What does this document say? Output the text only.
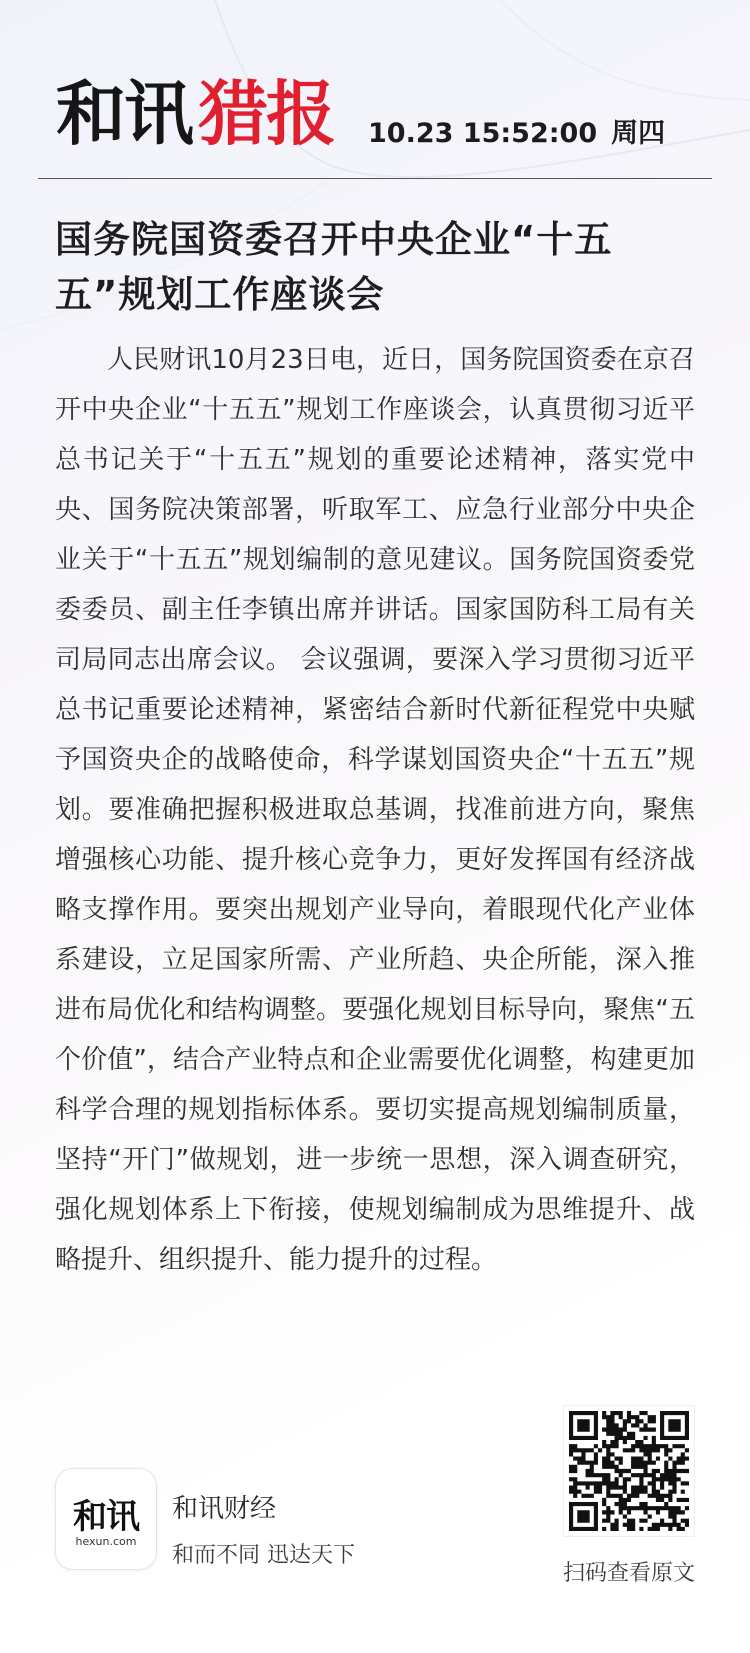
和讯猎报 10.23 15:52:00 周四
国务院国资委召开中央企业“十五五”规划工作座谈会

人民财讯10月23日电，近日，国务院国资委在京召开中央企业“十五五”规划工作座谈会，认真贯彻习近平总书记关于“十五五”规划的重要论述精神，落实党中央、国务院决策部署，听取军工、应急行业部分中央企业关于“十五五”规划编制的意见建议。国务院国资委党委委员、副主任李镇出席并讲话。国家国防科工局有关司局同志出席会议。 会议强调，要深入学习贯彻习近平总书记重要论述精神，紧密结合新时代新征程党中央赋予国资央企的战略使命，科学谋划国资央企“十五五”规划。要准确把握积极进取总基调，找准前进方向，聚焦增强核心功能、提升核心竞争力，更好发挥国有经济战略支撑作用。要突出规划产业导向，着眼现代化产业体系建设，立足国家所需、产业所趋、央企所能，深入推进布局优化和结构调整。要强化规划目标导向，聚焦“五个价值”，结合产业特点和企业需要优化调整，构建更加科学合理的规划指标体系。要切实提高规划编制质量，坚持“开门”做规划，进一步统一思想，深入调查研究，强化规划体系上下衔接，使规划编制成为思维提升、战略提升、组织提升、能力提升的过程。

和讯
hexun.com
和讯财经
和而不同 迅达天下
扫码查看原文
